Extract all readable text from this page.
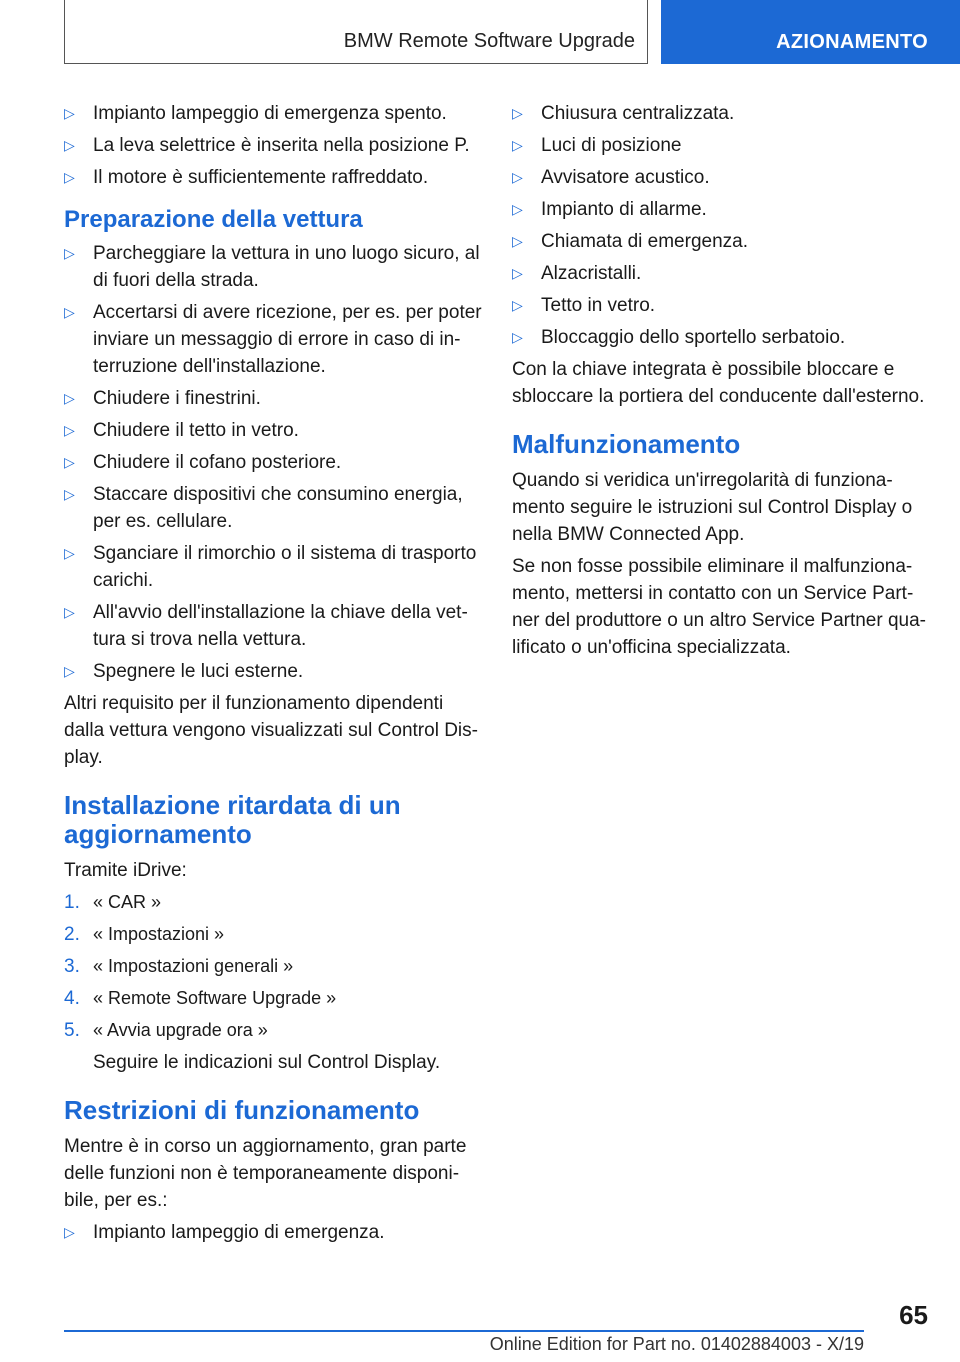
BMW Remote Software Upgrade	AZIONAMENTO
▷ Impianto lampeggio di emergenza spento.
▷ La leva selettrice è inserita nella posizione P.
▷ Il motore è sufficientemente raffreddato.
Preparazione della vettura
▷ Parcheggiare la vettura in uno luogo sicuro, al di fuori della strada.
▷ Accertarsi di avere ricezione, per es. per poter inviare un messaggio di errore in caso di in-terruzione dell'installazione.
▷ Chiudere i finestrini.
▷ Chiudere il tetto in vetro.
▷ Chiudere il cofano posteriore.
▷ Staccare dispositivi che consumino energia, per es. cellulare.
▷ Sganciare il rimorchio o il sistema di trasporto carichi.
▷ All'avvio dell'installazione la chiave della vet-tura si trova nella vettura.
▷ Spegnere le luci esterne.
Altri requisito per il funzionamento dipendenti dalla vettura vengono visualizzati sul Control Dis-play.
Installazione ritardata di un aggiornamento
Tramite iDrive:
1. « CAR »
2. « Impostazioni »
3. « Impostazioni generali »
4. « Remote Software Upgrade »
5. « Avvia upgrade ora »
Seguire le indicazioni sul Control Display.
Restrizioni di funzionamento
Mentre è in corso un aggiornamento, gran parte delle funzioni non è temporaneamente disponi-bile, per es.:
▷ Impianto lampeggio di emergenza.
▷ Chiusura centralizzata.
▷ Luci di posizione
▷ Avvisatore acustico.
▷ Impianto di allarme.
▷ Chiamata di emergenza.
▷ Alzacristalli.
▷ Tetto in vetro.
▷ Bloccaggio dello sportello serbatoio.
Con la chiave integrata è possibile bloccare e sbloccare la portiera del conducente dall'esterno.
Malfunzionamento
Quando si veridica un'irregolarità di funziona-mento seguire le istruzioni sul Control Display o nella BMW Connected App.
Se non fosse possibile eliminare il malfunziona-mento, mettersi in contatto con un Service Part-ner del produttore o un altro Service Partner qua-lificato o un'officina specializzata.
65
Online Edition for Part no. 01402884003 - X/19
